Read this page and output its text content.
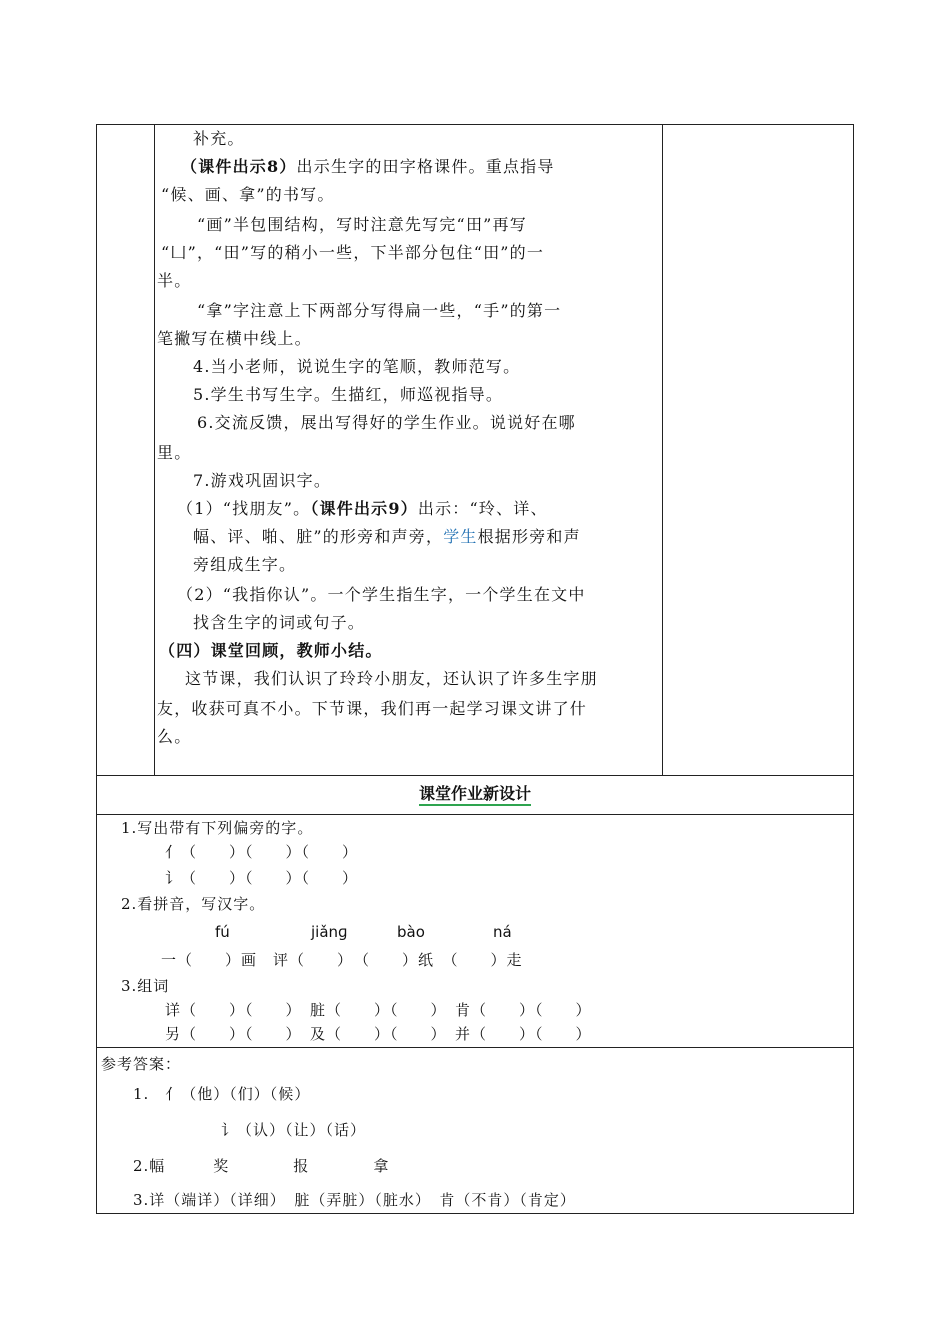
补充。
（课件出示8）出示生字的田字格课件。重点指导
“候、画、拿”的书写。
“画”半包围结构，写时注意先写完“田”再写
“凵”，“田”写的稍小一些，下半部分包住“田”的一
半。
“拿”字注意上下两部分写得扁一些，“手”的第一
笔撇写在横中线上。
4.当小老师，说说生字的笔顺，教师范写。
5.学生书写生字。生描红，师巡视指导。
6.交流反馈，展出写得好的学生作业。说说好在哪
里。
7.游戏巩固识字。
（1）“找朋友”。（课件出示9）出示：“玲、详、
幅、评、啪、脏”的形旁和声旁，学生根据形旁和声
旁组成生字。
（2）“我指你认”。一个学生指生字，一个学生在文中
找含生字的词或句子。
（四）课堂回顾，教师小结。
这节课，我们认识了玲玲小朋友，还认识了许多生字朋
友，收获可真不小。下节课，我们再一起学习课文讲了什
么。
课堂作业新设计
1.写出带有下列偏旁的字。
亻（　　）（　　）（　　）
讠（　　）（　　）（　　）
2.看拼音，写汉字。
fú	jiǎnɡ	bào	ná
一（　　）画　评（　　）　（　　）纸　（　　）走
3.组词
详（　　）（　　）　脏（　　）（　　）　肯（　　）（　　）
另（　　）（　　）　及（　　）（　　）　并（　　）（　　）
参考答案：
1.　亻（他）（们）（候）
讠（认）（让）（话）
2.幅　　　奖　　　　报　　　　拿
3.详（端详）（详细）　脏（弄脏）（脏水）　肯（不肯）（肯定）
